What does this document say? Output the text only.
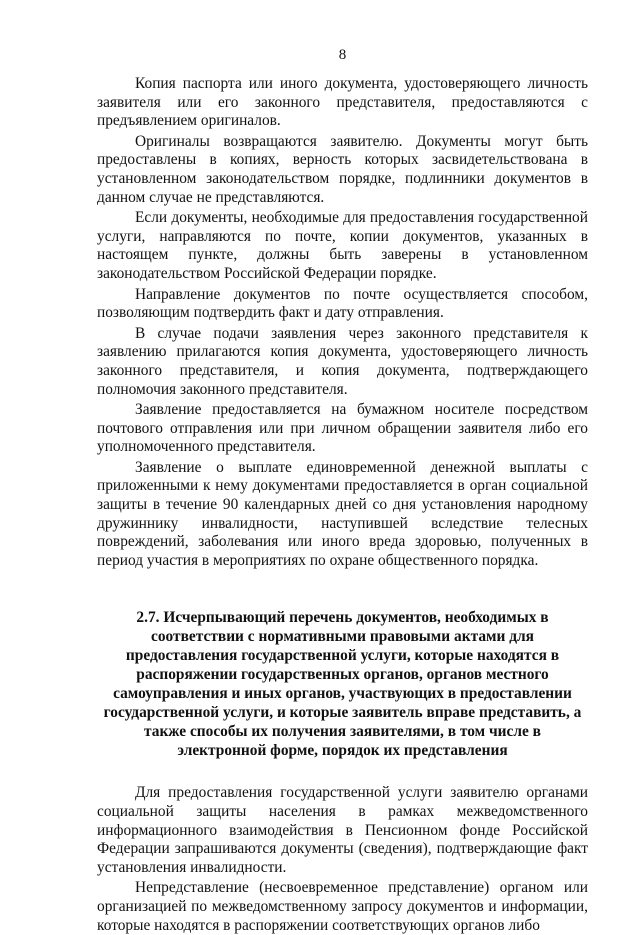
8

Копия паспорта или иного документа, удостоверяющего личность заявителя или его законного представителя, предоставляются с предъявлением оригиналов.

Оригиналы возвращаются заявителю. Документы могут быть предоставлены в копиях, верность которых засвидетельствована в установленном законодательством порядке, подлинники документов в данном случае не представляются.

Если документы, необходимые для предоставления государственной услуги, направляются по почте, копии документов, указанных в настоящем пункте, должны быть заверены в установленном законодательством Российской Федерации порядке.

Направление документов по почте осуществляется способом, позволяющим подтвердить факт и дату отправления.

В случае подачи заявления через законного представителя к заявлению прилагаются копия документа, удостоверяющего личность законного представителя, и копия документа, подтверждающего полномочия законного представителя.

Заявление предоставляется на бумажном носителе посредством почтового отправления или при личном обращении заявителя либо его уполномоченного представителя.

Заявление о выплате единовременной денежной выплаты с приложенными к нему документами предоставляется в орган социальной защиты в течение 90 календарных дней со дня установления народному дружиннику инвалидности, наступившей вследствие телесных повреждений, заболевания или иного вреда здоровью, полученных в период участия в мероприятиях по охране общественного порядка.

2.7. Исчерпывающий перечень документов, необходимых в соответствии с нормативными правовыми актами для предоставления государственной услуги, которые находятся в распоряжении государственных органов, органов местного самоуправления и иных органов, участвующих в предоставлении государственной услуги, и которые заявитель вправе представить, а также способы их получения заявителями, в том числе в электронной форме, порядок их представления

Для предоставления государственной услуги заявителю органами социальной защиты населения в рамках межведомственного информационного взаимодействия в Пенсионном фонде Российской Федерации запрашиваются документы (сведения), подтверждающие факт установления инвалидности.

Непредставление (несвоевременное представление) органом или организацией по межведомственному запросу документов и информации, которые находятся в распоряжении соответствующих органов либо
